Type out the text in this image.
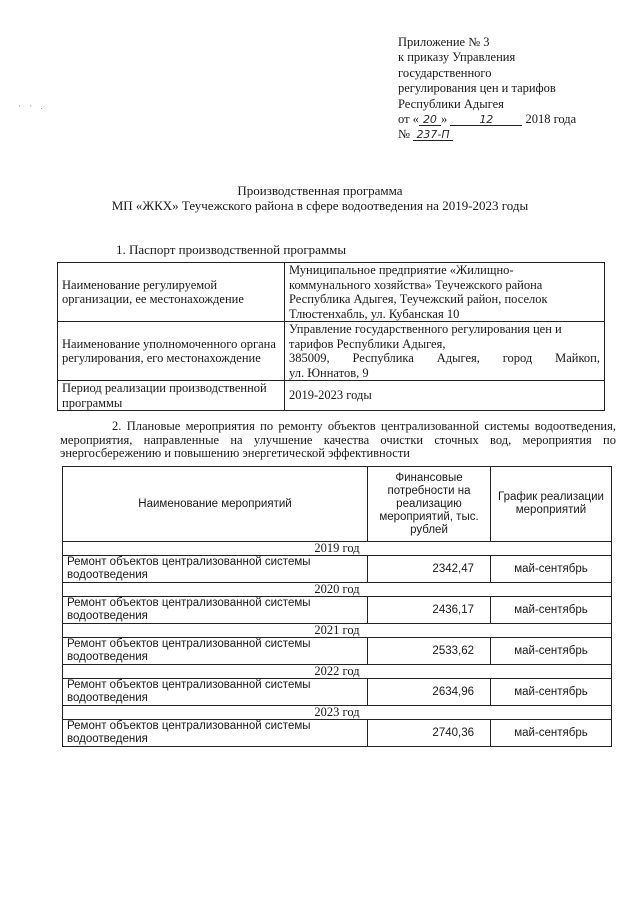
· · .
Приложение № 3
к приказу Управления
государственного
регулирования цен и тарифов
Республики Адыгея
от « 20 »	12	2018 года
№ 237-П
Производственная программа
МП «ЖКХ» Теучежского района в сфере водоотведения на 2019-2023 годы
1. Паспорт производственной программы
Наименование регулируемой организации, ее местонахождение	Муниципальное предприятие «Жилищно-
коммунального хозяйства» Теучежского района
Республика Адыгея, Теучежский район, поселок
Тлюстенхабль, ул. Кубанская 10

Наименование уполномоченного органа регулирования, его местонахождение	Управление государственного регулирования цен и
тарифов Республики Адыгея,
385009, Республика Адыгея, город Майкоп,
ул. Юннатов, 9

Период реализации производственной программы	2019-2023 годы
2. Плановые мероприятия по ремонту объектов централизованной системы водоотведения, мероприятия, направленные на улучшение качества очистки сточных вод, мероприятия по энергосбережению и повышению энергетической эффективности
Наименование мероприятий	Финансовые потребности на реализацию мероприятий, тыс. рублей	График реализации мероприятий
2019 год		
Ремонт объектов централизованной системы водоотведения	2342,47	май-сентябрь
2020 год		
Ремонт объектов централизованной системы водоотведения	2436,17	май-сентябрь
2021 год		
Ремонт объектов централизованной системы водоотведения	2533,62	май-сентябрь
2022 год		
Ремонт объектов централизованной системы водоотведения	2634,96	май-сентябрь
2023 год		
Ремонт объектов централизованной системы водоотведения	2740,36	май-сентябрь
